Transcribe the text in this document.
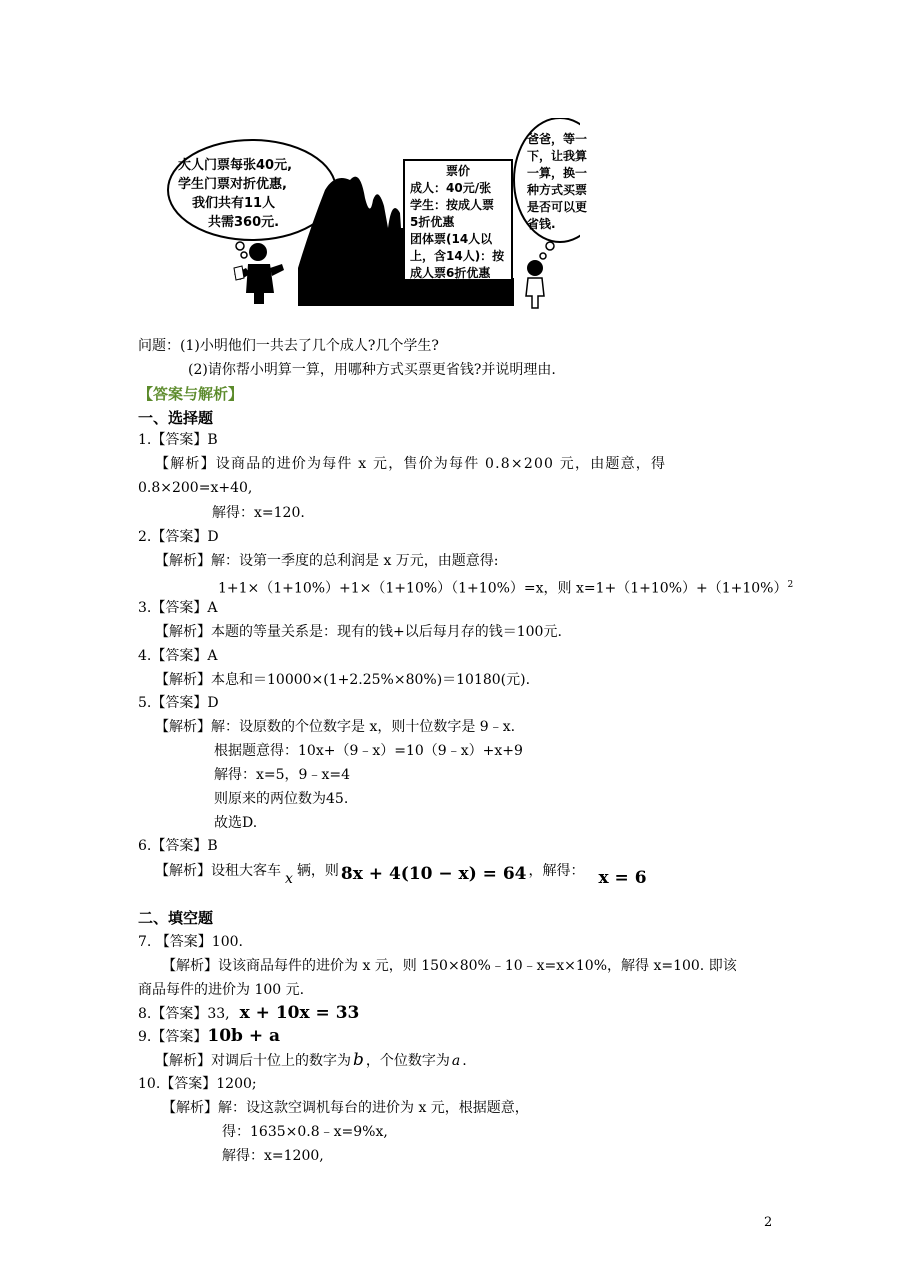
大人门票每张40元,
学生门票对折优惠,
我们共有11人
共需360元.
票价
成人：40元/张
学生：按成人票
5折优惠
团体票(14人以
上，含14人)：按
成人票6折优惠
爸爸，等一
下，让我算
一算，换一
种方式买票
是否可以更
省钱.
问题：(1)小明他们一共去了几个成人?几个学生?
(2)请你帮小明算一算，用哪种方式买票更省钱?并说明理由.
【答案与解析】
一、选择题
1.【答案】B
【解析】设商品的进价为每件 x 元，售价为每件 0.8×200 元，由题意，得
0.8×200=x+40,
解得：x=120.
2.【答案】D
【解析】解：设第一季度的总利润是 x 万元，由题意得:
1+1×（1+10%）+1×（1+10%）（1+10%）=x，则 $x=1+(1+10\%)+(1+10\%)^2$
3.【答案】A
【解析】本题的等量关系是：现有的钱+以后每月存的钱＝100元.
4.【答案】A
【解析】本息和＝10000×(1+2.25%×80%)＝10180(元).
5.【答案】D
【解析】解：设原数的个位数字是 x，则十位数字是 9﹣x.
根据题意得：10x+（9﹣x）=10（9﹣x）+x+9
解得：x=5，9﹣x=4
则原来的两位数为45.
故选D.
6.【答案】B
【解析】设租大客车 x 辆，则 8x + 4(10 − x) = 64 ，解得： x = 6
二、填空题
7. 【答案】100.
【解析】设该商品每件的进价为 x 元，则 150×80%﹣10﹣x=x×10%，解得 x=100. 即该
商品每件的进价为 100 元.
8.【答案】33, x + 10x = 33
9.【答案】10b + a
【解析】对调后十位上的数字为 b ，个位数字为 a .
10.【答案】1200;
【解析】解：设这款空调机每台的进价为 x 元，根据题意，
得：1635×0.8﹣x=9%x,
解得：x=1200,
2
